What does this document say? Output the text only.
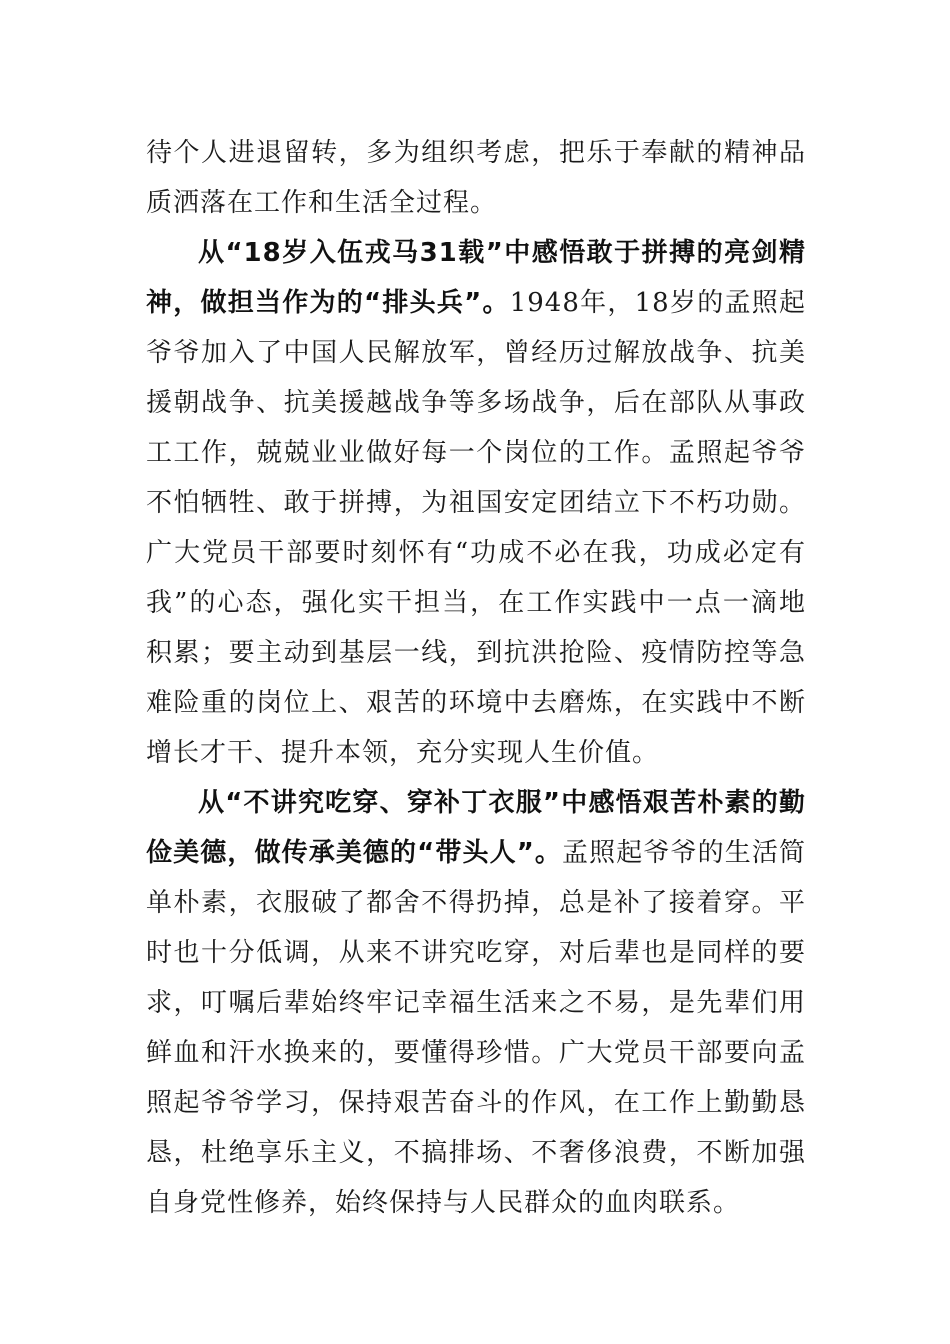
待个人进退留转，多为组织考虑，把乐于奉献的精神品质洒落在工作和生活全过程。

从“18岁入伍戎马31载”中感悟敢于拼搏的亮剑精神，做担当作为的“排头兵”。1948年，18岁的孟照起爷爷加入了中国人民解放军，曾经历过解放战争、抗美援朝战争、抗美援越战争等多场战争，后在部队从事政工工作，兢兢业业做好每一个岗位的工作。孟照起爷爷不怕牺牲、敢于拼搏，为祖国安定团结立下不朽功勋。广大党员干部要时刻怀有“功成不必在我，功成必定有我”的心态，强化实干担当，在工作实践中一点一滴地积累；要主动到基层一线，到抗洪抢险、疫情防控等急难险重的岗位上、艰苦的环境中去磨炼，在实践中不断增长才干、提升本领，充分实现人生价值。

从“不讲究吃穿、穿补丁衣服”中感悟艰苦朴素的勤俭美德，做传承美德的“带头人”。孟照起爷爷的生活简单朴素，衣服破了都舍不得扔掉，总是补了接着穿。平时也十分低调，从来不讲究吃穿，对后辈也是同样的要求，叮嘱后辈始终牢记幸福生活来之不易，是先辈们用鲜血和汗水换来的，要懂得珍惜。广大党员干部要向孟照起爷爷学习，保持艰苦奋斗的作风，在工作上勤勤恳恳，杜绝享乐主义，不搞排场、不奢侈浪费，不断加强自身党性修养，始终保持与人民群众的血肉联系。
